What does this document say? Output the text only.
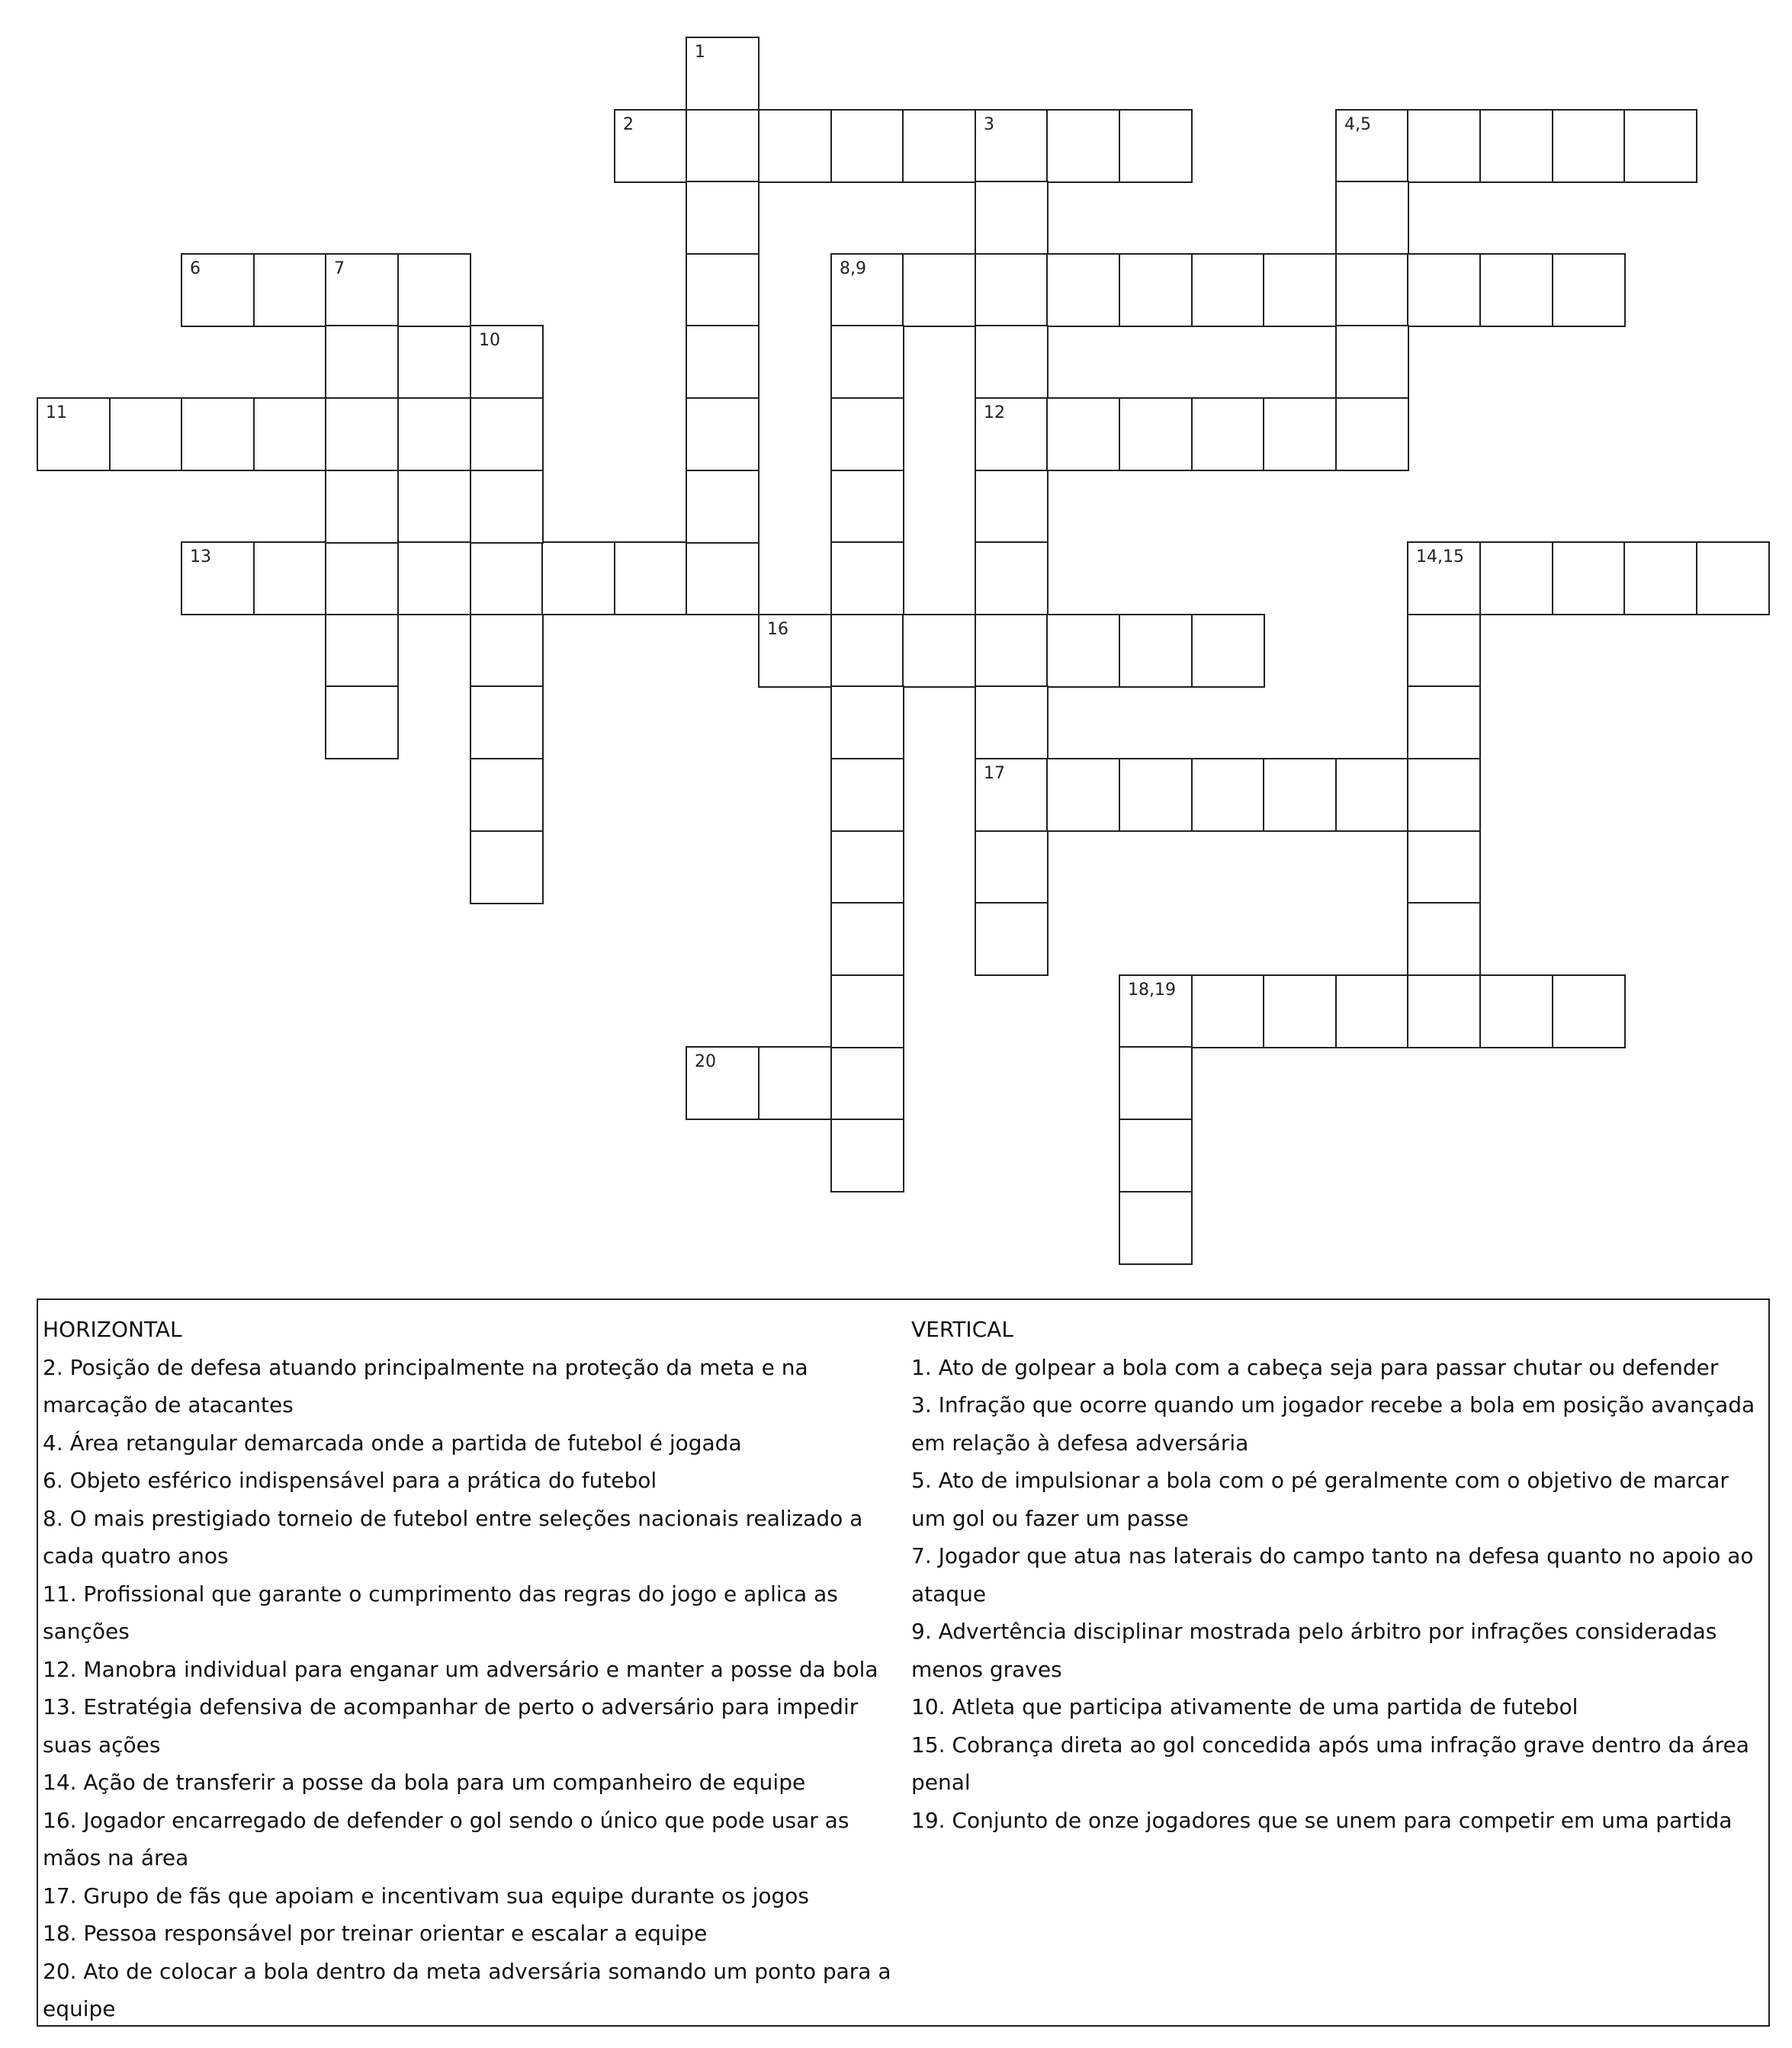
2	3	4,5
6	7	8,9
11	12
13	14,15
16
17
18,19
20
1
10
HORIZONTAL
2. Posição de defesa atuando principalmente na proteção da meta e na marcação de atacantes
4. Área retangular demarcada onde a partida de futebol é jogada
6. Objeto esférico indispensável para a prática do futebol
8. O mais prestigiado torneio de futebol entre seleções nacionais realizado a cada quatro anos
11. Profissional que garante o cumprimento das regras do jogo e aplica as sanções
12. Manobra individual para enganar um adversário e manter a posse da bola
13. Estratégia defensiva de acompanhar de perto o adversário para impedir suas ações
14. Ação de transferir a posse da bola para um companheiro de equipe
16. Jogador encarregado de defender o gol sendo o único que pode usar as mãos na área
17. Grupo de fãs que apoiam e incentivam sua equipe durante os jogos
18. Pessoa responsável por treinar orientar e escalar a equipe
20. Ato de colocar a bola dentro da meta adversária somando um ponto para a equipe
VERTICAL
1. Ato de golpear a bola com a cabeça seja para passar chutar ou defender
3. Infração que ocorre quando um jogador recebe a bola em posição avançada em relação à defesa adversária
5. Ato de impulsionar a bola com o pé geralmente com o objetivo de marcar um gol ou fazer um passe
7. Jogador que atua nas laterais do campo tanto na defesa quanto no apoio ao ataque
9. Advertência disciplinar mostrada pelo árbitro por infrações consideradas menos graves
10. Atleta que participa ativamente de uma partida de futebol
15. Cobrança direta ao gol concedida após uma infração grave dentro da área penal
19. Conjunto de onze jogadores que se unem para competir em uma partida
